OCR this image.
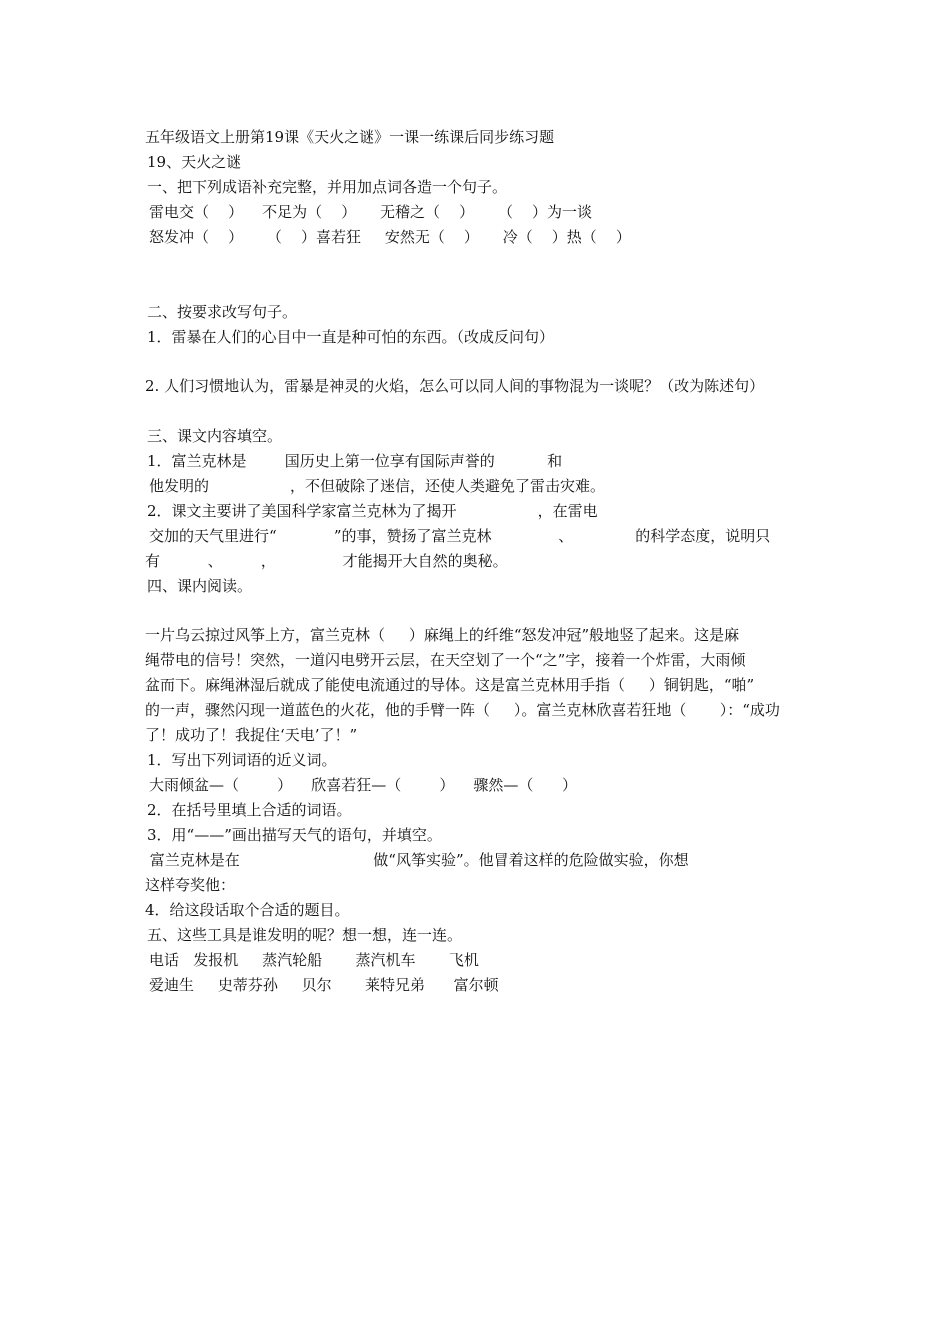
五年级语文上册第19课《天火之谜》一课一练课后同步练习题
19、天火之谜
一、把下列成语补充完整，并用加点词各造一个句子。
雷电交（    ）    不足为（    ）     无稽之（    ）     （    ）为一谈
怒发冲（    ）     （    ）喜若狂     安然无（    ）     冷（    ）热（    ）
二、按要求改写句子。
1．雷暴在人们的心目中一直是种可怕的东西。（改成反问句）
2. 人们习惯地认为，雷暴是神灵的火焰，怎么可以同人间的事物混为一谈呢？（改为陈述句）
三、课文内容填空。
1．富兰克林是        国历史上第一位享有国际声誉的           和
他发明的                 ，不但破除了迷信，还使人类避免了雷击灾难。
2．课文主要讲了美国科学家富兰克林为了揭开                 ，在雷电
交加的天气里进行“            ”的事，赞扬了富兰克林              、             的科学态度，说明只
有          、        ，              才能揭开大自然的奥秘。
四、课内阅读。
一片乌云掠过风筝上方，富兰克林（     ）麻绳上的纤维“怒发冲冠”般地竖了起来。这是麻
绳带电的信号！突然，一道闪电劈开云层，在天空划了一个“之”字，接着一个炸雷，大雨倾
盆而下。麻绳淋湿后就成了能使电流通过的导体。这是富兰克林用手指（     ）铜钥匙，“啪”
的一声，骤然闪现一道蓝色的火花，他的手臂一阵（     ）。富兰克林欣喜若狂地（       ）：“成功
了！成功了！我捉住‘天电’了！”
1．写出下列词语的近义词。
大雨倾盆—（        ）    欣喜若狂—（        ）    骤然—（      ）
2．在括号里填上合适的词语。
3．用“——”画出描写天气的语句，并填空。
富兰克林是在                            做“风筝实验”。他冒着这样的危险做实验，你想
这样夸奖他：
4．给这段话取个合适的题目。
五、这些工具是谁发明的呢？想一想，连一连。
电话   发报机     蒸汽轮船       蒸汽机车       飞机
爱迪生     史蒂芬孙     贝尔       莱特兄弟      富尔顿
